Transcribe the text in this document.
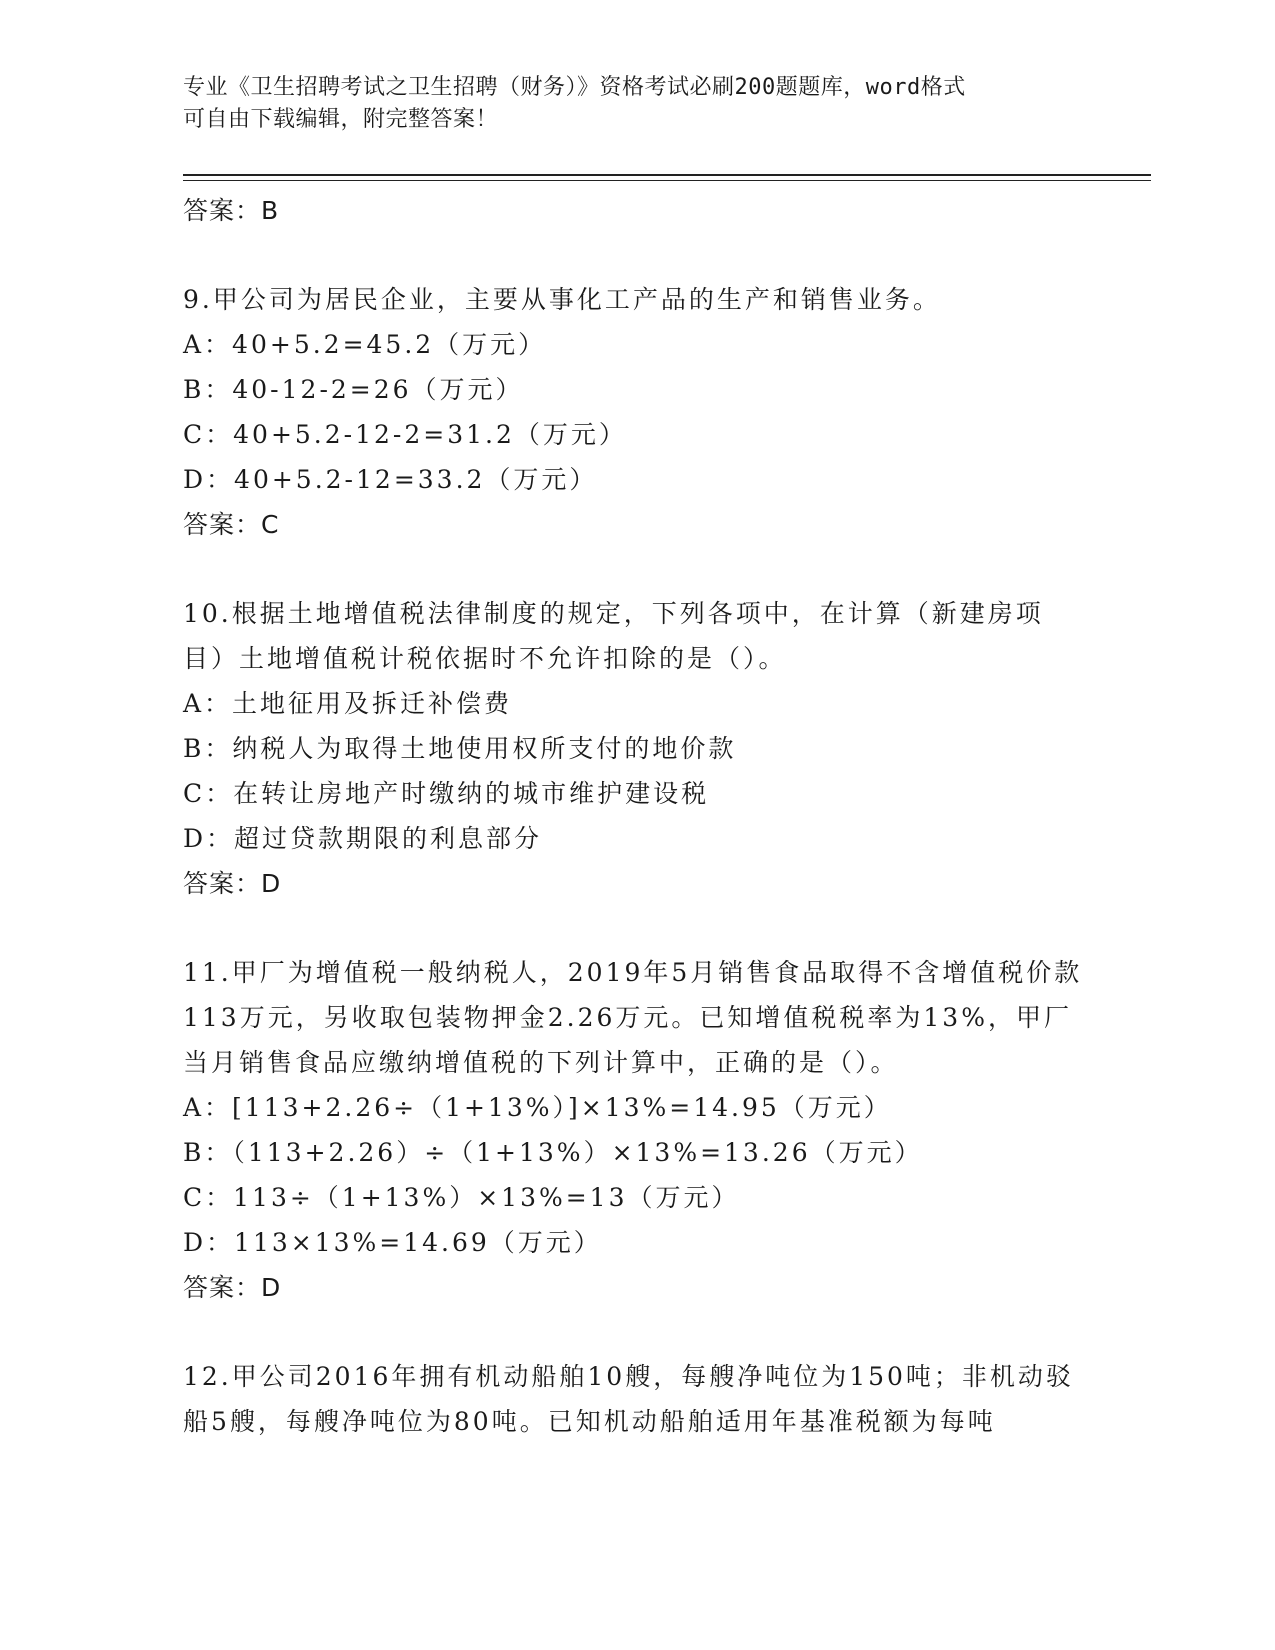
专业《卫生招聘考试之卫生招聘（财务）》资格考试必刷200题题库，word格式
可自由下载编辑，附完整答案！
答案：B

9.甲公司为居民企业，主要从事化工产品的生产和销售业务。

A：40+5.2=45.2（万元）
B：40-12-2=26（万元）
C：40+5.2-12-2=31.2（万元）
D：40+5.2-12=33.2（万元）
答案：C

10.根据土地增值税法律制度的规定，下列各项中，在计算（新建房项目）土地增值税计税依据时不允许扣除的是（）。

A：土地征用及拆迁补偿费
B：纳税人为取得土地使用权所支付的地价款
C：在转让房地产时缴纳的城市维护建设税
D：超过贷款期限的利息部分
答案：D

11.甲厂为增值税一般纳税人，2019年5月销售食品取得不含增值税价款113万元，另收取包装物押金2.26万元。已知增值税税率为13%，甲厂当月销售食品应缴纳增值税的下列计算中，正确的是（）。

A：[113+2.26÷（1+13%）]×13%=14.95（万元）
B：（113+2.26）÷（1+13%）×13%=13.26（万元）
C：113÷（1+13%）×13%=13（万元）
D：113×13%=14.69（万元）
答案：D

12.甲公司2016年拥有机动船舶10艘，每艘净吨位为150吨；非机动驳船5艘，每艘净吨位为80吨。已知机动船舶适用年基准税额为每吨
